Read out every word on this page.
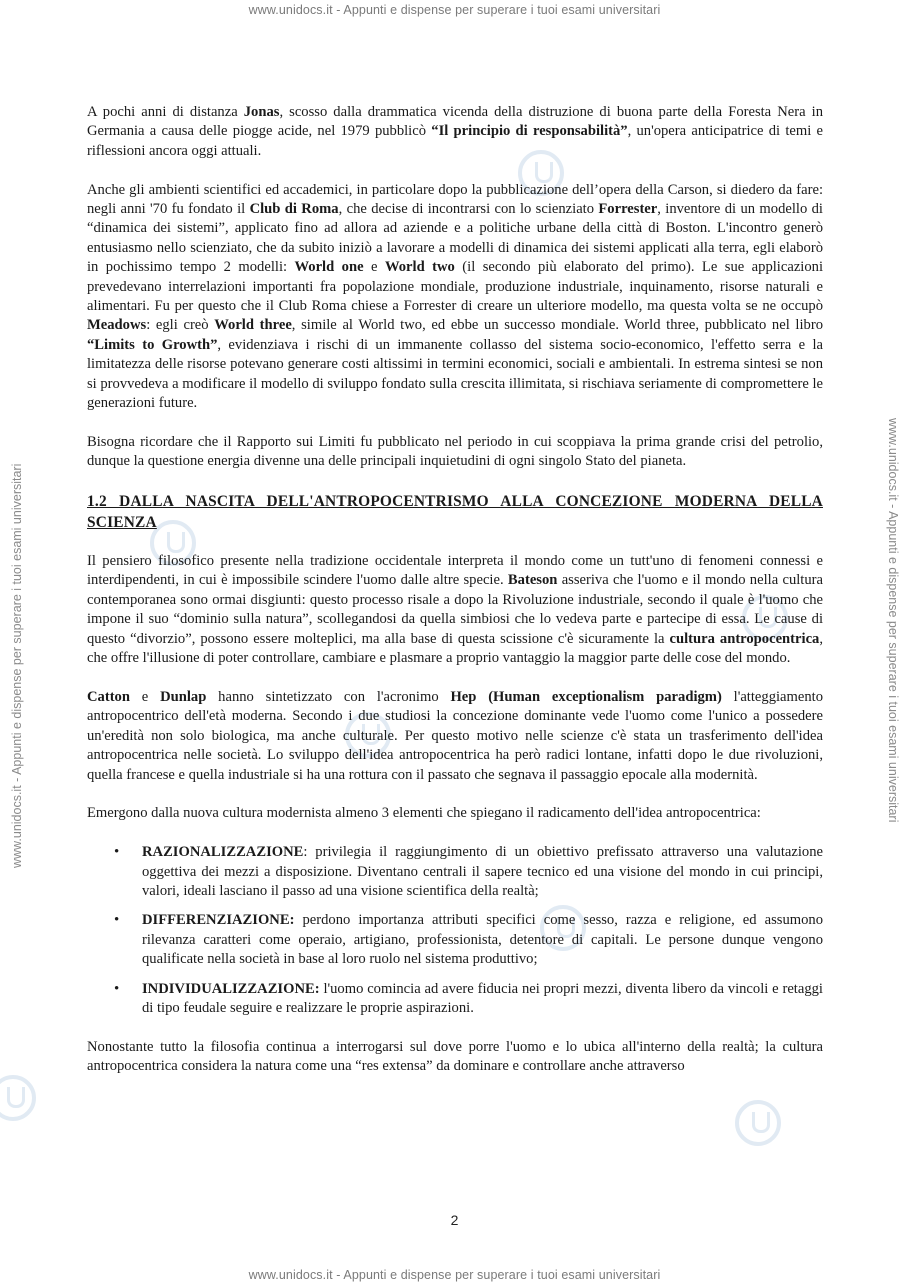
www.unidocs.it - Appunti e dispense per superare i tuoi esami universitari
www.unidocs.it - Appunti e dispense per superare i tuoi esami universitari
www.unidocs.it - Appunti e dispense per superare i tuoi esami universitari	www.unidocs.it - Appunti e dispense per superare i tuoi esami universitari

A pochi anni di distanza Jonas, scosso dalla drammatica vicenda della distruzione di buona parte della Foresta Nera in Germania a causa delle piogge acide, nel 1979 pubblicò “Il principio di responsabilità”, un'opera anticipatrice di temi e riflessioni ancora oggi attuali.

Anche gli ambienti scientifici ed accademici, in particolare dopo la pubblicazione dell’opera della Carson, si diedero da fare: negli anni '70 fu fondato il Club di Roma, che decise di incontrarsi con lo scienziato Forrester, inventore di un modello di “dinamica dei sistemi”, applicato fino ad allora ad aziende e a politiche urbane della città di Boston. L'incontro generò entusiasmo nello scienziato, che da subito iniziò a lavorare a modelli di dinamica dei sistemi applicati alla terra, egli elaborò in pochissimo tempo 2 modelli: World one e World two (il secondo più elaborato del primo). Le sue applicazioni prevedevano interrelazioni importanti fra popolazione mondiale, produzione industriale, inquinamento, risorse naturali e alimentari. Fu per questo che il Club Roma chiese a Forrester di creare un ulteriore modello, ma questa volta se ne occupò Meadows: egli creò World three, simile al World two, ed ebbe un successo mondiale. World three, pubblicato nel libro “Limits to Growth”, evidenziava i rischi di un immanente collasso del sistema socio-economico, l'effetto serra e la limitatezza delle risorse potevano generare costi altissimi in termini economici, sociali e ambientali. In estrema sintesi se non si provvedeva a modificare il modello di sviluppo fondato sulla crescita illimitata, si rischiava seriamente di compromettere le generazioni future.

Bisogna ricordare che il Rapporto sui Limiti fu pubblicato nel periodo in cui scoppiava la prima grande crisi del petrolio, dunque la questione energia divenne una delle principali inquietudini di ogni singolo Stato del pianeta.

1.2 DALLA NASCITA DELL'ANTROPOCENTRISMO ALLA CONCEZIONE MODERNA DELLA SCIENZA

Il pensiero filosofico presente nella tradizione occidentale interpreta il mondo come un tutt'uno di fenomeni connessi e interdipendenti, in cui è impossibile scindere l'uomo dalle altre specie. Bateson asseriva che l'uomo e il mondo nella cultura contemporanea sono ormai disgiunti: questo processo risale a dopo la Rivoluzione industriale, secondo il quale è l'uomo che impone il suo “dominio sulla natura”, scollegandosi da quella simbiosi che lo vedeva parte e partecipe di essa. Le cause di questo “divorzio”, possono essere molteplici, ma alla base di questa scissione c'è sicuramente la cultura antropocentrica, che offre l'illusione di poter controllare, cambiare e plasmare a proprio vantaggio la maggior parte delle cose del mondo.

Catton e Dunlap hanno sintetizzato con l'acronimo Hep (Human exceptionalism paradigm) l'atteggiamento antropocentrico dell'età moderna. Secondo i due studiosi la concezione dominante vede l'uomo come l'unico a possedere un'eredità non solo biologica, ma anche culturale. Per questo motivo nelle scienze c'è stata un trasferimento dell'idea antropocentrica nelle società. Lo sviluppo dell'idea antropocentrica ha però radici lontane, infatti dopo le due rivoluzioni, quella francese e quella industriale si ha una rottura con il passato che segnava il passaggio epocale alla modernità.

Emergono dalla nuova cultura modernista almeno 3 elementi che spiegano il radicamento dell'idea antropocentrica:

• RAZIONALIZZAZIONE: privilegia il raggiungimento di un obiettivo prefissato attraverso una valutazione oggettiva dei mezzi a disposizione. Diventano centrali il sapere tecnico ed una visione del mondo in cui principi, valori, ideali lasciano il passo ad una visione scientifica della realtà;
• DIFFERENZIAZIONE: perdono importanza attributi specifici come sesso, razza e religione, ed assumono rilevanza caratteri come operaio, artigiano, professionista, detentore di capitali. Le persone dunque vengono qualificate nella società in base al loro ruolo nel sistema produttivo;
• INDIVIDUALIZZAZIONE: l'uomo comincia ad avere fiducia nei propri mezzi, diventa libero da vincoli e retaggi di tipo feudale seguire e realizzare le proprie aspirazioni.

Nonostante tutto la filosofia continua a interrogarsi sul dove porre l'uomo e lo ubica all'interno della realtà; la cultura antropocentrica considera la natura come una “res extensa” da dominare e controllare anche attraverso

2
